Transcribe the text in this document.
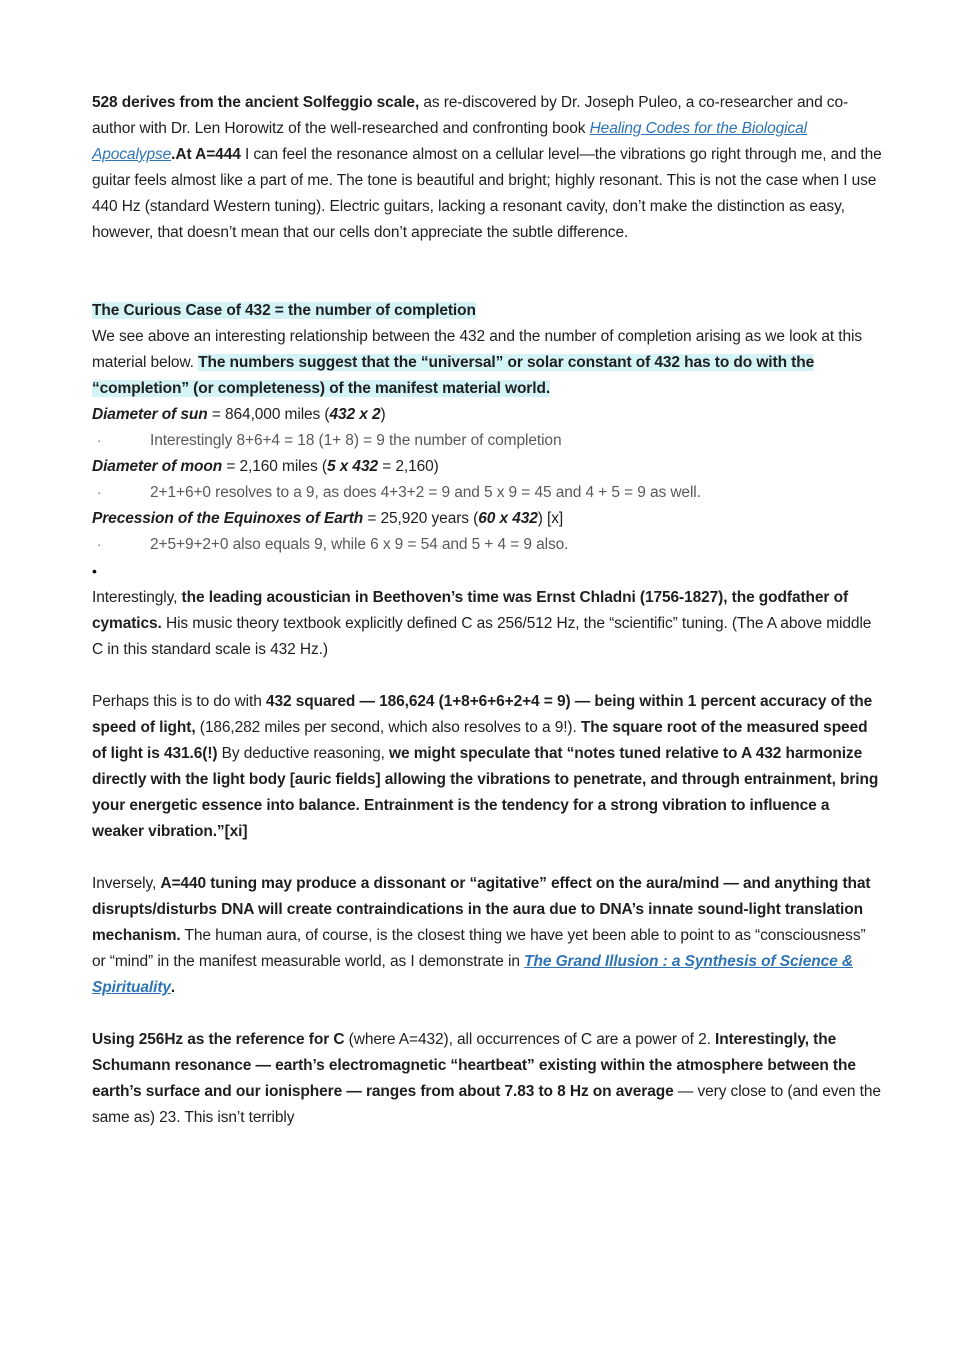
528 derives from the ancient Solfeggio scale, as re-discovered by Dr. Joseph Puleo, a co-researcher and co-author with Dr. Len Horowitz of the well-researched and confronting book Healing Codes for the Biological Apocalypse.At A=444 I can feel the resonance almost on a cellular level—the vibrations go right through me, and the guitar feels almost like a part of me. The tone is beautiful and bright; highly resonant. This is not the case when I use 440 Hz (standard Western tuning). Electric guitars, lacking a resonant cavity, don’t make the distinction as easy, however, that doesn’t mean that our cells don’t appreciate the subtle difference.
The Curious Case of 432 = the number of completion
We see above an interesting relationship between the 432 and the number of completion arising as we look at this material below. The numbers suggest that the “universal” or solar constant of 432 has to do with the “completion” (or completeness) of the manifest material world.
Diameter of sun = 864,000 miles (432 x 2)
·	Interestingly 8+6+4 = 18 (1+ 8) = 9 the number of completion
Diameter of moon = 2,160 miles (5 x 432 = 2,160)
·	2+1+6+0 resolves to a 9, as does 4+3+2 = 9 and 5 x 9 = 45 and 4 + 5 = 9 as well.
Precession of the Equinoxes of Earth = 25,920 years (60 x 432) [x]
·	2+5+9+2+0 also equals 9, while 6 x 9 = 54 and 5 + 4 = 9 also.
•
Interestingly, the leading acoustician in Beethoven’s time was Ernst Chladni (1756-1827), the godfather of cymatics. His music theory textbook explicitly defined C as 256/512 Hz, the “scientific” tuning. (The A above middle C in this standard scale is 432 Hz.)
Perhaps this is to do with 432 squared — 186,624 (1+8+6+6+2+4 = 9) — being within 1 percent accuracy of the speed of light, (186,282 miles per second, which also resolves to a 9!). The square root of the measured speed of light is 431.6(!) By deductive reasoning, we might speculate that “notes tuned relative to A 432 harmonize directly with the light body [auric fields] allowing the vibrations to penetrate, and through entrainment, bring your energetic essence into balance. Entrainment is the tendency for a strong vibration to influence a weaker vibration.”[xi]
Inversely, A=440 tuning may produce a dissonant or “agitative” effect on the aura/mind — and anything that disrupts/disturbs DNA will create contraindications in the aura due to DNA’s innate sound-light translation mechanism. The human aura, of course, is the closest thing we have yet been able to point to as “consciousness” or “mind” in the manifest measurable world, as I demonstrate in The Grand Illusion : a Synthesis of Science & Spirituality.
Using 256Hz as the reference for C (where A=432), all occurrences of C are a power of 2. Interestingly, the Schumann resonance — earth’s electromagnetic “heartbeat” existing within the atmosphere between the earth’s surface and our ionisphere — ranges from about 7.83 to 8 Hz on average — very close to (and even the same as) 23. This isn’t terribly
